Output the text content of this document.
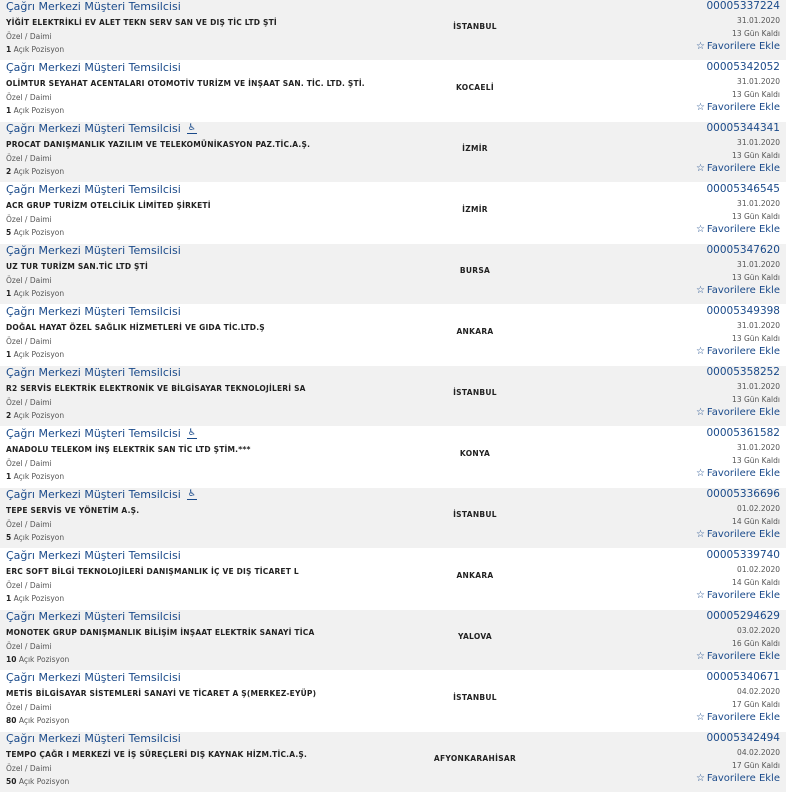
Çağrı Merkezi Müşteri Temsilcisi
YİĞİT ELEKTRİKLİ EV ALET TEKN SERV SAN VE DIŞ TİC LTD ŞTİ
Özel / Daimi
1 Açık Pozisyon
İSTANBUL
00005337224
31.01.2020
13 Gün Kaldı
☆ Favorilere Ekle
Çağrı Merkezi Müşteri Temsilcisi
OLİMTUR SEYAHAT ACENTALARI OTOMOTİV TURİZM VE İNŞAAT SAN. TİC. LTD. ŞTİ.
Özel / Daimi
1 Açık Pozisyon
KOCAELİ
00005342052
31.01.2020
13 Gün Kaldı
☆ Favorilere Ekle
Çağrı Merkezi Müşteri Temsilcisi ♿
PROCAT DANIŞMANLIK YAZILIM VE TELEKOMÜNİKASYON PAZ.TİC.A.Ş.
Özel / Daimi
2 Açık Pozisyon
İZMİR
00005344341
31.01.2020
13 Gün Kaldı
☆ Favorilere Ekle
Çağrı Merkezi Müşteri Temsilcisi
ACR GRUP TURİZM OTELCİLİK LİMİTED ŞİRKETİ
Özel / Daimi
5 Açık Pozisyon
İZMİR
00005346545
31.01.2020
13 Gün Kaldı
☆ Favorilere Ekle
Çağrı Merkezi Müşteri Temsilcisi
UZ TUR TURİZM SAN.TİC LTD ŞTİ
Özel / Daimi
1 Açık Pozisyon
BURSA
00005347620
31.01.2020
13 Gün Kaldı
☆ Favorilere Ekle
Çağrı Merkezi Müşteri Temsilcisi
DOĞAL HAYAT ÖZEL SAĞLIK HİZMETLERİ VE GIDA TİC.LTD.Ş
Özel / Daimi
1 Açık Pozisyon
ANKARA
00005349398
31.01.2020
13 Gün Kaldı
☆ Favorilere Ekle
Çağrı Merkezi Müşteri Temsilcisi
R2 SERVİS ELEKTRİK ELEKTRONİK VE BİLGİSAYAR TEKNOLOJİLERİ SA
Özel / Daimi
2 Açık Pozisyon
İSTANBUL
00005358252
31.01.2020
13 Gün Kaldı
☆ Favorilere Ekle
Çağrı Merkezi Müşteri Temsilcisi ♿
ANADOLU TELEKOM İNŞ ELEKTRİK SAN TİC LTD ŞTİM.***
Özel / Daimi
1 Açık Pozisyon
KONYA
00005361582
31.01.2020
13 Gün Kaldı
☆ Favorilere Ekle
Çağrı Merkezi Müşteri Temsilcisi ♿
TEPE SERVİS VE YÖNETİM A.Ş.
Özel / Daimi
5 Açık Pozisyon
İSTANBUL
00005336696
01.02.2020
14 Gün Kaldı
☆ Favorilere Ekle
Çağrı Merkezi Müşteri Temsilcisi
ERC SOFT BİLGİ TEKNOLOJİLERİ DANIŞMANLIK İÇ VE DIŞ TİCARET L
Özel / Daimi
1 Açık Pozisyon
ANKARA
00005339740
01.02.2020
14 Gün Kaldı
☆ Favorilere Ekle
Çağrı Merkezi Müşteri Temsilcisi
MONOTEK GRUP DANIŞMANLIK BİLİŞİM İNŞAAT ELEKTRİK SANAYİ TİCA
Özel / Daimi
10 Açık Pozisyon
YALOVA
00005294629
03.02.2020
16 Gün Kaldı
☆ Favorilere Ekle
Çağrı Merkezi Müşteri Temsilcisi
METİS BİLGİSAYAR SİSTEMLERİ SANAYİ VE TİCARET A Ş(MERKEZ-EYÜP)
Özel / Daimi
80 Açık Pozisyon
İSTANBUL
00005340671
04.02.2020
17 Gün Kaldı
☆ Favorilere Ekle
Çağrı Merkezi Müşteri Temsilcisi
TEMPO ÇAĞR I MERKEZİ VE İŞ SÜREÇLERİ DIŞ KAYNAK HİZM.TİC.A.Ş.
Özel / Daimi
50 Açık Pozisyon
AFYONKARAHİSAR
00005342494
04.02.2020
17 Gün Kaldı
☆ Favorilere Ekle
